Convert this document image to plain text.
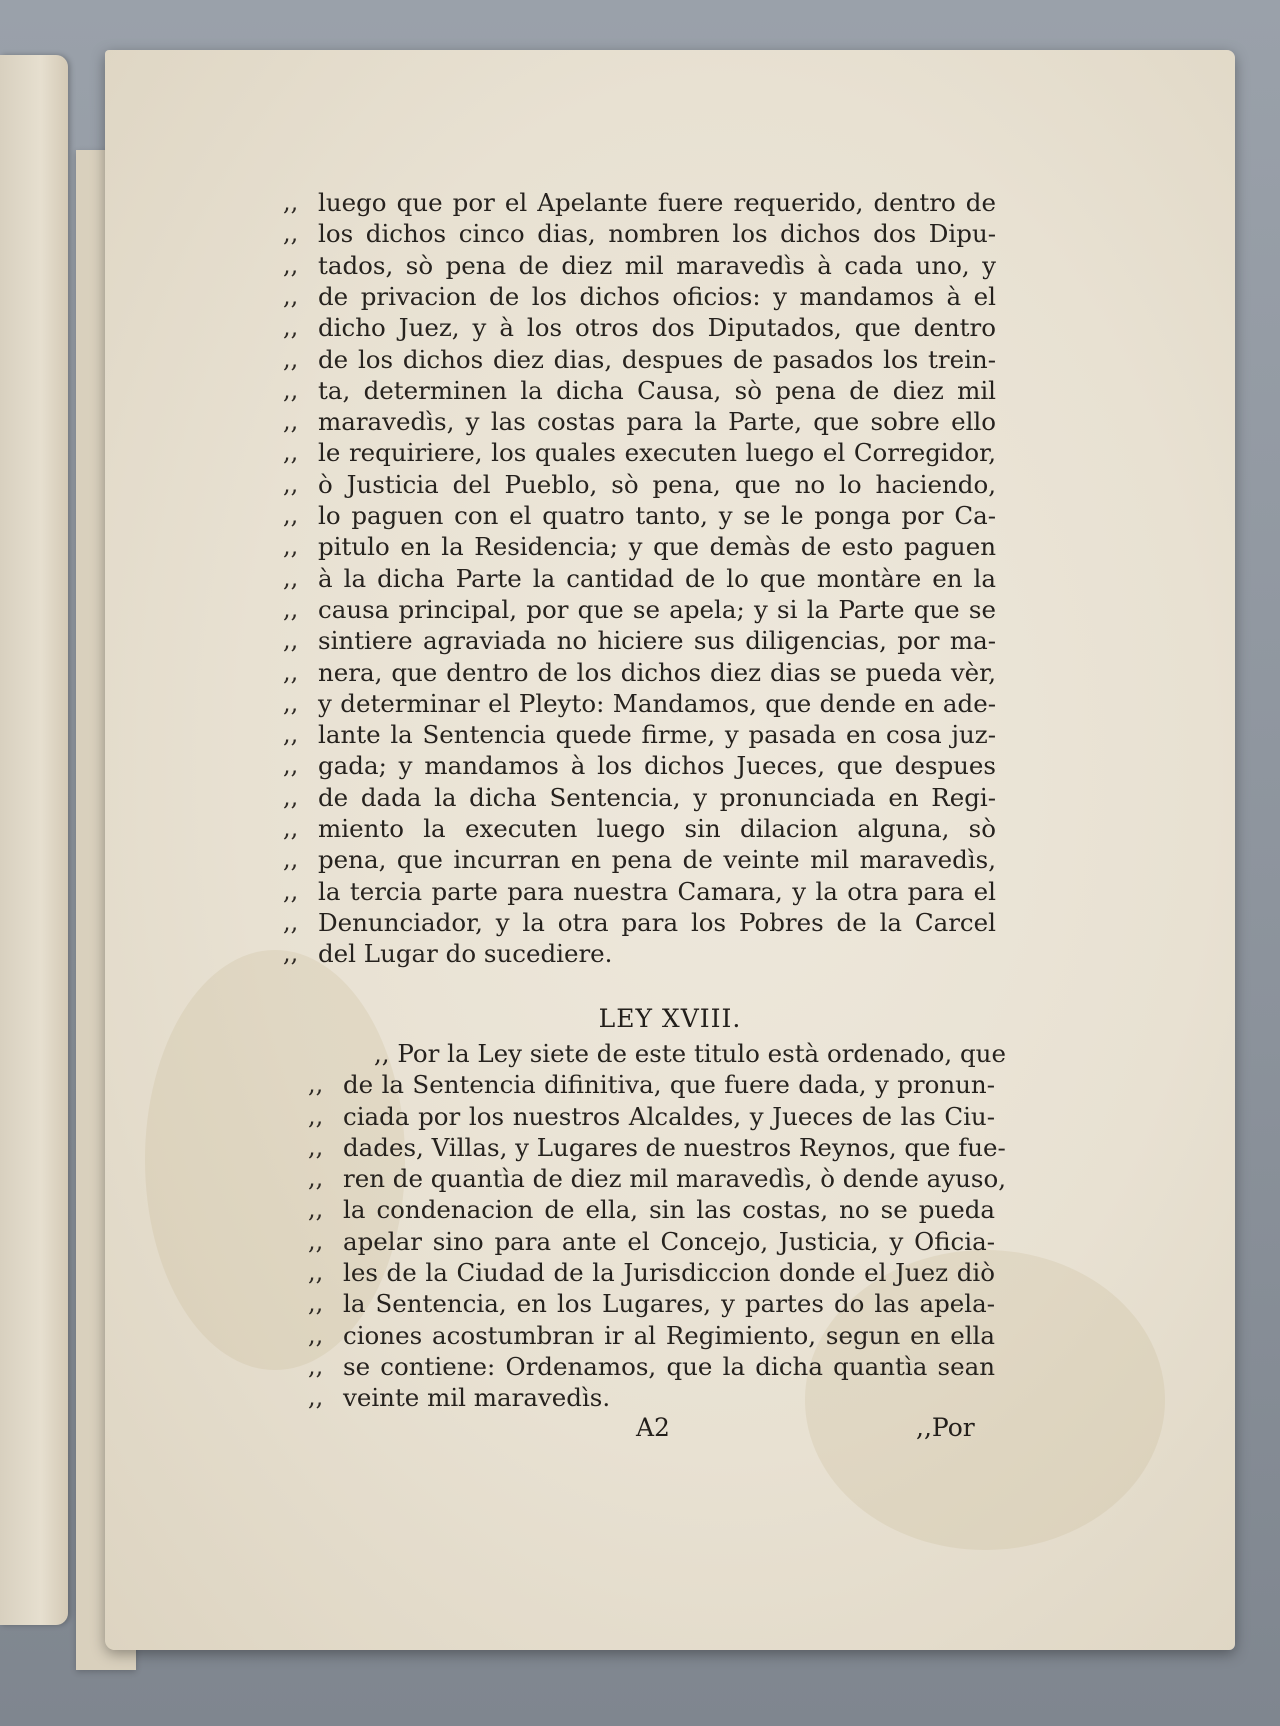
,, luego que por el Apelante fuere requerido, dentro de
,, los dichos cinco dias, nombren los dichos dos Dipu-
,, tados, sò pena de diez mil maravedìs à cada uno, y
,, de privacion de los dichos oficios: y mandamos à el
,, dicho Juez, y à los otros dos Diputados, que dentro
,, de los dichos diez dias, despues de pasados los trein-
,, ta, determinen la dicha Causa, sò pena de diez mil
,, maravedìs, y las costas para la Parte, que sobre ello
,, le requiriere, los quales executen luego el Corregidor,
,, ò Justicia del Pueblo, sò pena, que no lo haciendo,
,, lo paguen con el quatro tanto, y se le ponga por Ca-
,, pitulo en la Residencia; y que demàs de esto paguen
,, à la dicha Parte la cantidad de lo que montàre en la
,, causa principal, por que se apela; y si la Parte que se
,, sintiere agraviada no hiciere sus diligencias, por ma-
,, nera, que dentro de los dichos diez dias se pueda vèr,
,, y determinar el Pleyto: Mandamos, que dende en ade-
,, lante la Sentencia quede firme, y pasada en cosa juz-
,, gada; y mandamos à los dichos Jueces, que despues
,, de dada la dicha Sentencia, y pronunciada en Regi-
,, miento la executen luego sin dilacion alguna, sò
,, pena, que incurran en pena de veinte mil maravedìs,
,, la tercia parte para nuestra Camara, y la otra para el
,, Denunciador, y la otra para los Pobres de la Carcel
,, del Lugar do sucediere.
LEY XVIII.
,, Por la Ley siete de este titulo està ordenado, que
,, de la Sentencia difinitiva, que fuere dada, y pronun-
,, ciada por los nuestros Alcaldes, y Jueces de las Ciu-
,, dades, Villas, y Lugares de nuestros Reynos, que fue-
,, ren de quantìa de diez mil maravedìs, ò dende ayuso,
,, la condenacion de ella, sin las costas, no se pueda
,, apelar sino para ante el Concejo, Justicia, y Oficia-
,, les de la Ciudad de la Jurisdiccion donde el Juez diò
,, la Sentencia, en los Lugares, y partes do las apela-
,, ciones acostumbran ir al Regimiento, segun en ella
,, se contiene: Ordenamos, que la dicha quantìa sean
,, veinte mil maravedìs.
A2	,,Por
